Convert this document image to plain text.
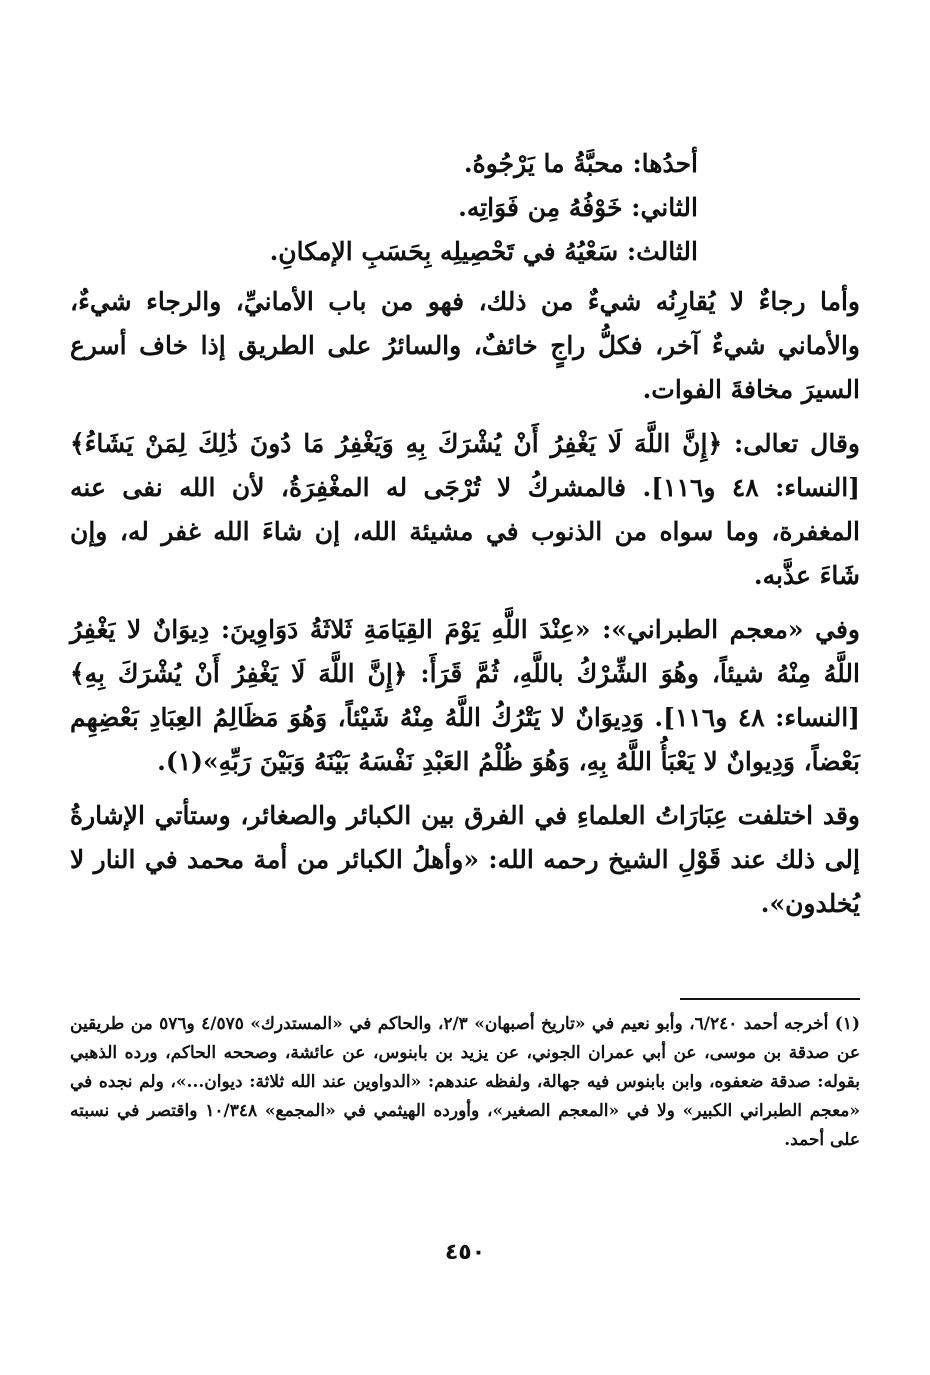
أحدُها: محبَّةُ ما يَرْجُوهُ.

الثاني: خَوْفُهُ مِن فَوَاتِه.

الثالث: سَعْيُهُ في تَحْصِيلِه بِحَسَبِ الإمكانِ.

وأما رجاءٌ لا يُقارِنُه شيءٌ من ذلك، فهو من باب الأمانيِّ، والرجاء شيءٌ، والأماني شيءٌ آخر، فكلُّ راجٍ خائفٌ، والسائرُ على الطريق إذا خاف أسرع السيرَ مخافةَ الفوات.

وقال تعالى: ﴿إِنَّ اللَّهَ لَا يَغْفِرُ أَنْ يُشْرَكَ بِهِ وَيَغْفِرُ مَا دُونَ ذَٰلِكَ لِمَنْ يَشَاءُ﴾ [النساء: ٤٨ و١١٦]. فالمشركُ لا تُرْجَى له المغْفِرَةُ، لأن الله نفى عنه المغفرة، وما سواه من الذنوب في مشيئة الله، إن شاءَ الله غفر له، وإن شَاءَ عذَّبه.

وفي «معجم الطبراني»: «عِنْدَ اللَّهِ يَوْمَ القِيَامَةِ ثَلاثَةُ دَوَاوِينَ: دِيوَانٌ لا يَغْفِرُ اللَّهُ مِنْهُ شيئاً، وهُوَ الشِّرْكُ باللَّهِ، ثُمَّ قَرَأَ: ﴿إِنَّ اللَّهَ لَا يَغْفِرُ أَنْ يُشْرَكَ بِهِ﴾ [النساء: ٤٨ و١١٦]. وَدِيوَانٌ لا يَتْرُكُ اللَّهُ مِنْهُ شَيْئاً، وَهُوَ مَظَالِمُ العِبَادِ بَعْضِهِم بَعْضاً، وَدِيوانٌ لا يَعْبَأُ اللَّهُ بِهِ، وَهُوَ ظُلْمُ العَبْدِ نَفْسَهُ بَيْنَهُ وَبَيْنَ رَبِّهِ»(١).

وقد اختلفت عِبَارَاتُ العلماءِ في الفرق بين الكبائر والصغائر، وستأتي الإشارةُ إلى ذلك عند قَوْلِ الشيخ رحمه الله: «وأهلُ الكبائر من أمة محمد في النار لا يُخلدون».

(١) أخرجه أحمد ٦/٢٤٠، وأبو نعيم في «تاريخ أصبهان» ٢/٣، والحاكم في «المستدرك» ٤/٥٧٥ و٥٧٦ من طريقين عن صدقة بن موسى، عن أبي عمران الجوني، عن يزيد بن بابنوس، عن عائشة، وصححه الحاكم، ورده الذهبي بقوله: صدقة ضعفوه، وابن بابنوس فيه جهالة، ولفظه عندهم: «الدواوين عند الله ثلاثة: ديوان...»، ولم نجده في «معجم الطبراني الكبير» ولا في «المعجم الصغير»، وأورده الهيثمي في «المجمع» ١٠/٣٤٨ واقتصر في نسبته على أحمد.
٤٥٠
